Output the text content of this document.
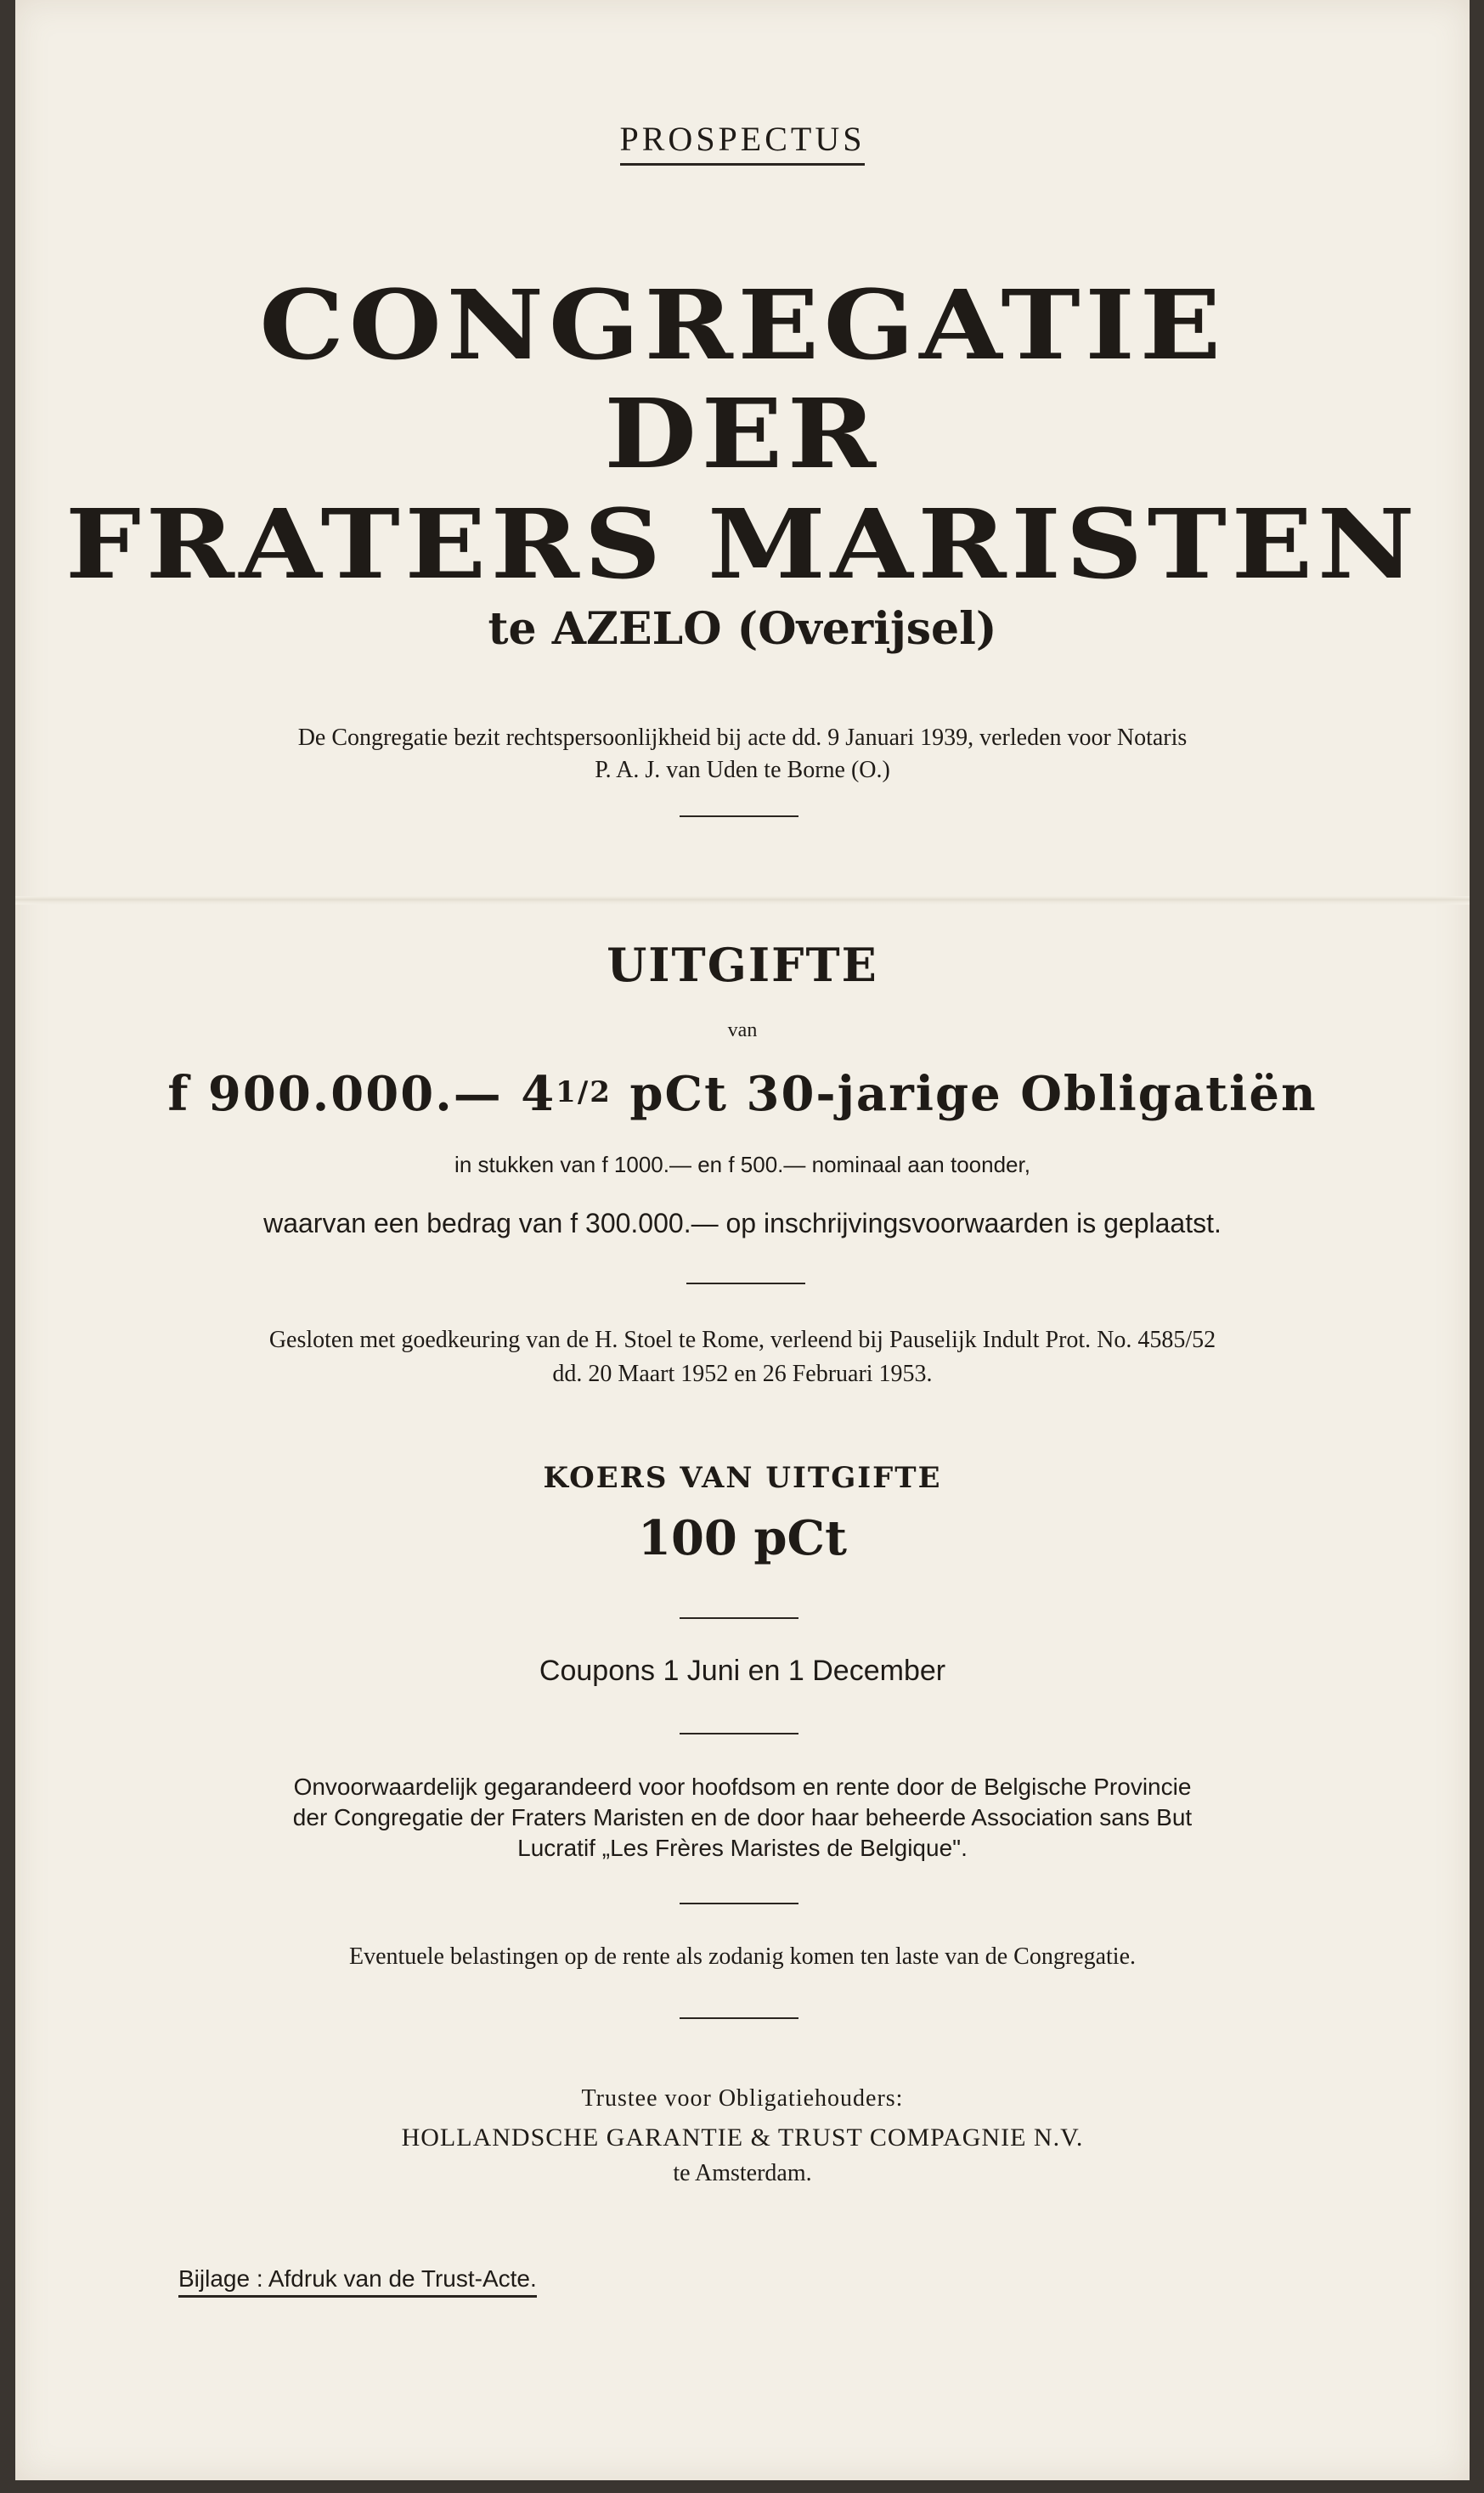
PROSPECTUS

CONGREGATIE

DER

FRATERS MARISTEN

te AZELO (Overijsel)

De Congregatie bezit rechtspersoonlijkheid bij acte dd. 9 Januari 1939, verleden voor Notaris
P. A. J. van Uden te Borne (O.)

UITGIFTE

van

f 900.000.— 41/2 pCt 30-jarige Obligatiën

in stukken van f 1000.— en f 500.— nominaal aan toonder,

waarvan een bedrag van f 300.000.— op inschrijvingsvoorwaarden is geplaatst.

Gesloten met goedkeuring van de H. Stoel te Rome, verleend bij Pauselijk Indult Prot. No. 4585/52
dd. 20 Maart 1952 en 26 Februari 1953.

KOERS VAN UITGIFTE

100 pCt

Coupons 1 Juni en 1 December

Onvoorwaardelijk gegarandeerd voor hoofdsom en rente door de Belgische Provincie
der Congregatie der Fraters Maristen en de door haar beheerde Association sans But
Lucratif „Les Frères Maristes de Belgique".

Eventuele belastingen op de rente als zodanig komen ten laste van de Congregatie.

Trustee voor Obligatiehouders:

HOLLANDSCHE GARANTIE & TRUST COMPAGNIE N.V.

te Amsterdam.

Bijlage : Afdruk van de Trust-Acte.
